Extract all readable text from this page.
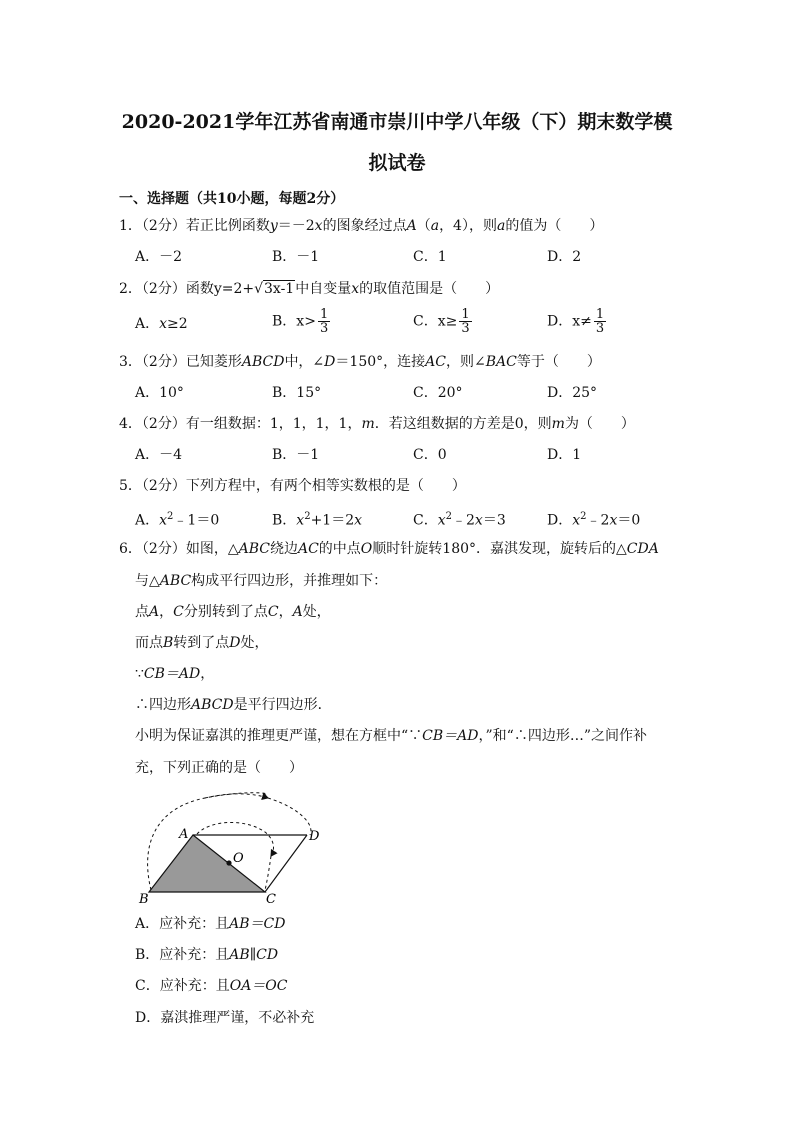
2020-2021学年江苏省南通市崇川中学八年级（下）期末数学模
拟试卷
一、选择题（共10小题，每题2分）
1．（2分）若正比例函数y＝－2x的图象经过点A（a，4），则a的值为（　　）
A．－2	B．－1	C．1	D．2
2．（2分）函数y=2+√3x-1中自变量x的取值范围是（　　）
A．x≥2	B．$x> \frac{1}{3}$	C．$x\ge \frac{1}{3}$	D．$x\ne \frac{1}{3}$
3．（2分）已知菱形ABCD中，∠D＝150°，连接AC，则∠BAC等于（　　）
A．10°	B．15°	C．20°	D．25°
4．（2分）有一组数据：1，1，1，1，m．若这组数据的方差是0，则m为（　　）
A．－4	B．－1	C．0	D．1
5．（2分）下列方程中，有两个相等实数根的是（　　）
A．$x^2﹣1=0$	B．$x^2+1=2x$	C．$x^2﹣2x=3$	D．$x^2﹣2x=0$
6．（2分）如图，△ABC绕边AC的中点O顺时针旋转180°．嘉淇发现，旋转后的△CDA
与△ABC构成平行四边形，并推理如下：
点A，C分别转到了点C，A处，
而点B转到了点D处，
∵CB＝AD，
∴四边形ABCD是平行四边形．
小明为保证嘉淇的推理更严谨，想在方框中“∵CB＝AD，”和“∴四边形…”之间作补
充，下列正确的是（　　）
A
B	C
D
O
A．应补充：且AB＝CD
B．应补充：且AB∥CD
C．应补充：且OA＝OC
D．嘉淇推理严谨，不必补充
